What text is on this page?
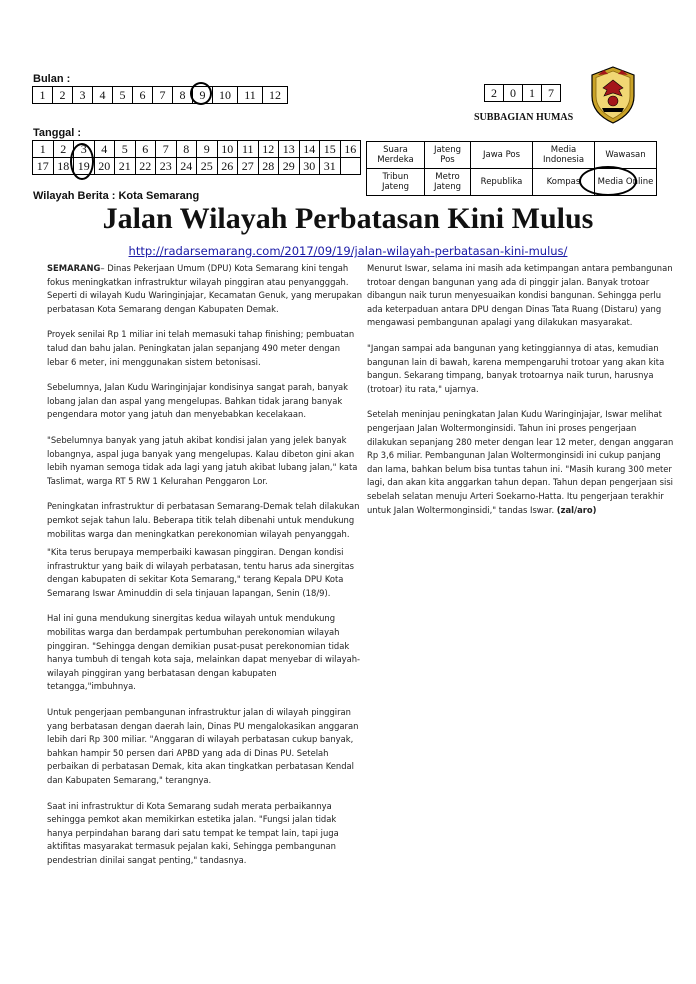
Bulan :
1	2	3	4	5	6	7	8	9	10	11	12	2	0	1	7
SUBBAGIAN HUMAS
Tanggal :
1	2	3	4	5	6	7	8	9	10	11	12	13	14	15	16
17	18	19	20	21	22	23	24	25	26	27	28	29	30	31	
Suara Merdeka	Jateng Pos	Jawa Pos	Media Indonesia	Wawasan
Tribun Jateng	Metro Jateng	Republika	Kompas	Media Online
Wilayah Berita : Kota Semarang
Jalan Wilayah Perbatasan Kini Mulus
http://radarsemarang.com/2017/09/19/jalan-wilayah-perbatasan-kini-mulus/

SEMARANG– Dinas Pekerjaan Umum (DPU) Kota Semarang kini tengah fokus meningkatkan infrastruktur wilayah pinggiran atau penyangggah. Seperti di wilayah Kudu Waringinjajar, Kecamatan Genuk, yang merupakan perbatasan Kota Semarang dengan Kabupaten Demak.

Proyek senilai Rp 1 miliar ini telah memasuki tahap finishing; pembuatan talud dan bahu jalan. Peningkatan jalan sepanjang 490 meter dengan lebar 6 meter, ini menggunakan sistem betonisasi.

Sebelumnya, Jalan Kudu Waringinjajar kondisinya sangat parah, banyak lobang jalan dan aspal yang mengelupas. Bahkan tidak jarang banyak pengendara motor yang jatuh dan menyebabkan kecelakaan.

"Sebelumnya banyak yang jatuh akibat kondisi jalan yang jelek banyak lobangnya, aspal juga banyak yang mengelupas. Kalau dibeton gini akan lebih nyaman semoga tidak ada lagi yang jatuh akibat lubang jalan," kata Taslimat, warga RT 5 RW 1 Kelurahan Penggaron Lor.

Peningkatan infrastruktur di perbatasan Semarang-Demak telah dilakukan pemkot sejak tahun lalu. Beberapa titik telah dibenahi untuk mendukung mobilitas warga dan meningkatkan perekonomian wilayah penyanggah.

"Kita terus berupaya memperbaiki kawasan pinggiran. Dengan kondisi infrastruktur yang baik di wilayah perbatasan, tentu harus ada sinergitas dengan kabupaten di sekitar Kota Semarang," terang Kepala DPU Kota Semarang Iswar Aminuddin di sela tinjauan lapangan, Senin (18/9).

Hal ini guna mendukung sinergitas kedua wilayah untuk mendukung mobilitas warga dan berdampak pertumbuhan perekonomian wilayah pinggiran. "Sehingga dengan demikian pusat-pusat perekonomian tidak hanya tumbuh di tengah kota saja, melainkan dapat menyebar di wilayah-wilayah pinggiran yang berbatasan dengan kabupaten tetangga,"imbuhnya.

Untuk pengerjaan pembangunan infrastruktur jalan di wilayah pinggiran yang berbatasan dengan daerah lain, Dinas PU mengalokasikan anggaran lebih dari Rp 300 miliar. "Anggaran di wilayah perbatasan cukup banyak, bahkan hampir 50 persen dari APBD yang ada di Dinas PU. Setelah perbaikan di perbatasan Demak, kita akan tingkatkan perbatasan Kendal dan Kabupaten Semarang," terangnya.

Saat ini infrastruktur di Kota Semarang sudah merata perbaikannya sehingga pemkot akan memikirkan estetika jalan. "Fungsi jalan tidak hanya perpindahan barang dari satu tempat ke tempat lain, tapi juga aktifitas masyarakat termasuk pejalan kaki, Sehingga pembangunan pendestrian dinilai sangat penting," tandasnya.

Menurut Iswar, selama ini masih ada ketimpangan antara pembangunan trotoar dengan bangunan yang ada di pinggir jalan. Banyak trotoar dibangun naik turun menyesuaikan kondisi bangunan. Sehingga perlu ada keterpaduan antara DPU dengan Dinas Tata Ruang (Distaru) yang mengawasi pembangunan apalagi yang dilakukan masyarakat.

"Jangan sampai ada bangunan yang ketinggiannya di atas, kemudian bangunan lain di bawah, karena mempengaruhi trotoar yang akan kita bangun. Sekarang timpang, banyak trotoarnya naik turun, harusnya (trotoar) itu rata," ujarnya.

Setelah meninjau peningkatan Jalan Kudu Waringinjajar, Iswar melihat pengerjaan Jalan Woltermonginsidi. Tahun ini proses pengerjaan dilakukan sepanjang 280 meter dengan lear 12 meter, dengan anggaran Rp 3,6 miliar. Pembangunan Jalan Woltermonginsidi ini cukup panjang dan lama, bahkan belum bisa tuntas tahun ini. "Masih kurang 300 meter lagi, dan akan kita anggarkan tahun depan. Tahun depan pengerjaan sisi sebelah selatan menuju Arteri Soekarno-Hatta. Itu pengerjaan terakhir untuk Jalan Woltermonginsidi," tandas Iswar. (zal/aro)
